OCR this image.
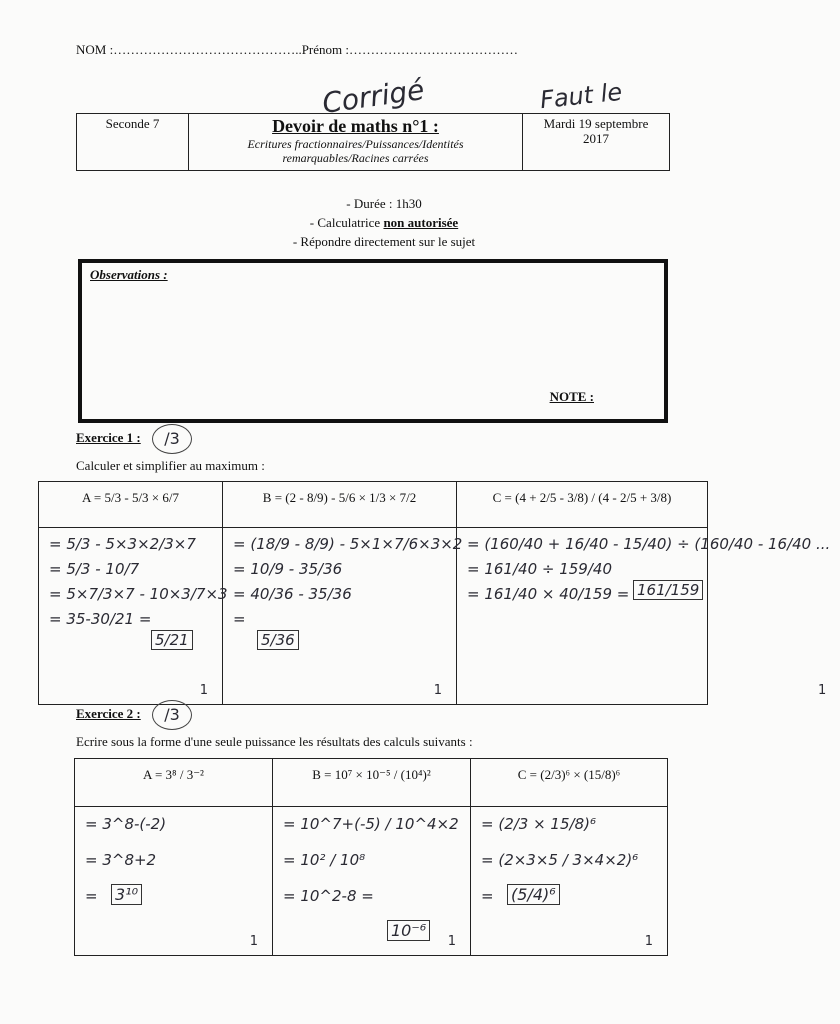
NOM :……………………………………..Prénom :…………………………………
Corrigé	Faut le
Seconde 7	Devoir de maths n°1 :
Ecritures fractionnaires/Puissances/Identités
remarquables/Racines carrées
Mardi 19 septembre
2017
- Durée : 1h30
- Calculatrice non autorisée
- Répondre directement sur le sujet
Observations :
NOTE :
Exercice 1 :	/3
Calculer et simplifier au maximum :
A = 5/3 - 5/3 × 6/7	B = (2 - 8/9) - 5/6 × 1/3 × 7/2	C = (4 + 2/5 - 3/8) / (4 - 2/5 + 3/8)
= 5/3 - 5×3×2/3×7
= 5/3 - 10/7
= 5×7/3×7 - 10×3/7×3
= 35-30/21 =
5/21
1
= (18/9 - 8/9) - 5×1×7/6×3×2
= 10/9 - 35/36
= 40/36 - 35/36
=
5/36
1
= (160/40 + 16/40 - 15/40) ÷ (160/40 - 16/40 ...
= 161/40 ÷ 159/40
= 161/40 × 40/159 = 161/159
1
Exercice 2 :	/3
Ecrire sous la forme d'une seule puissance les résultats des calculs suivants :
A = 3⁸ / 3⁻²	B = 10⁷ × 10⁻⁵ / (10⁴)²	C = (2/3)⁶ × (15/8)⁶
= 3^8-(-2)

= 3^8+2

=	3¹⁰
1
= 10^7+(-5) / 10^4×2

= 10² / 10⁸

= 10^2-8 =
10⁻⁶
1
= (2/3 × 15/8)⁶

= (2×3×5 / 3×4×2)⁶

=	(5/4)⁶
1
